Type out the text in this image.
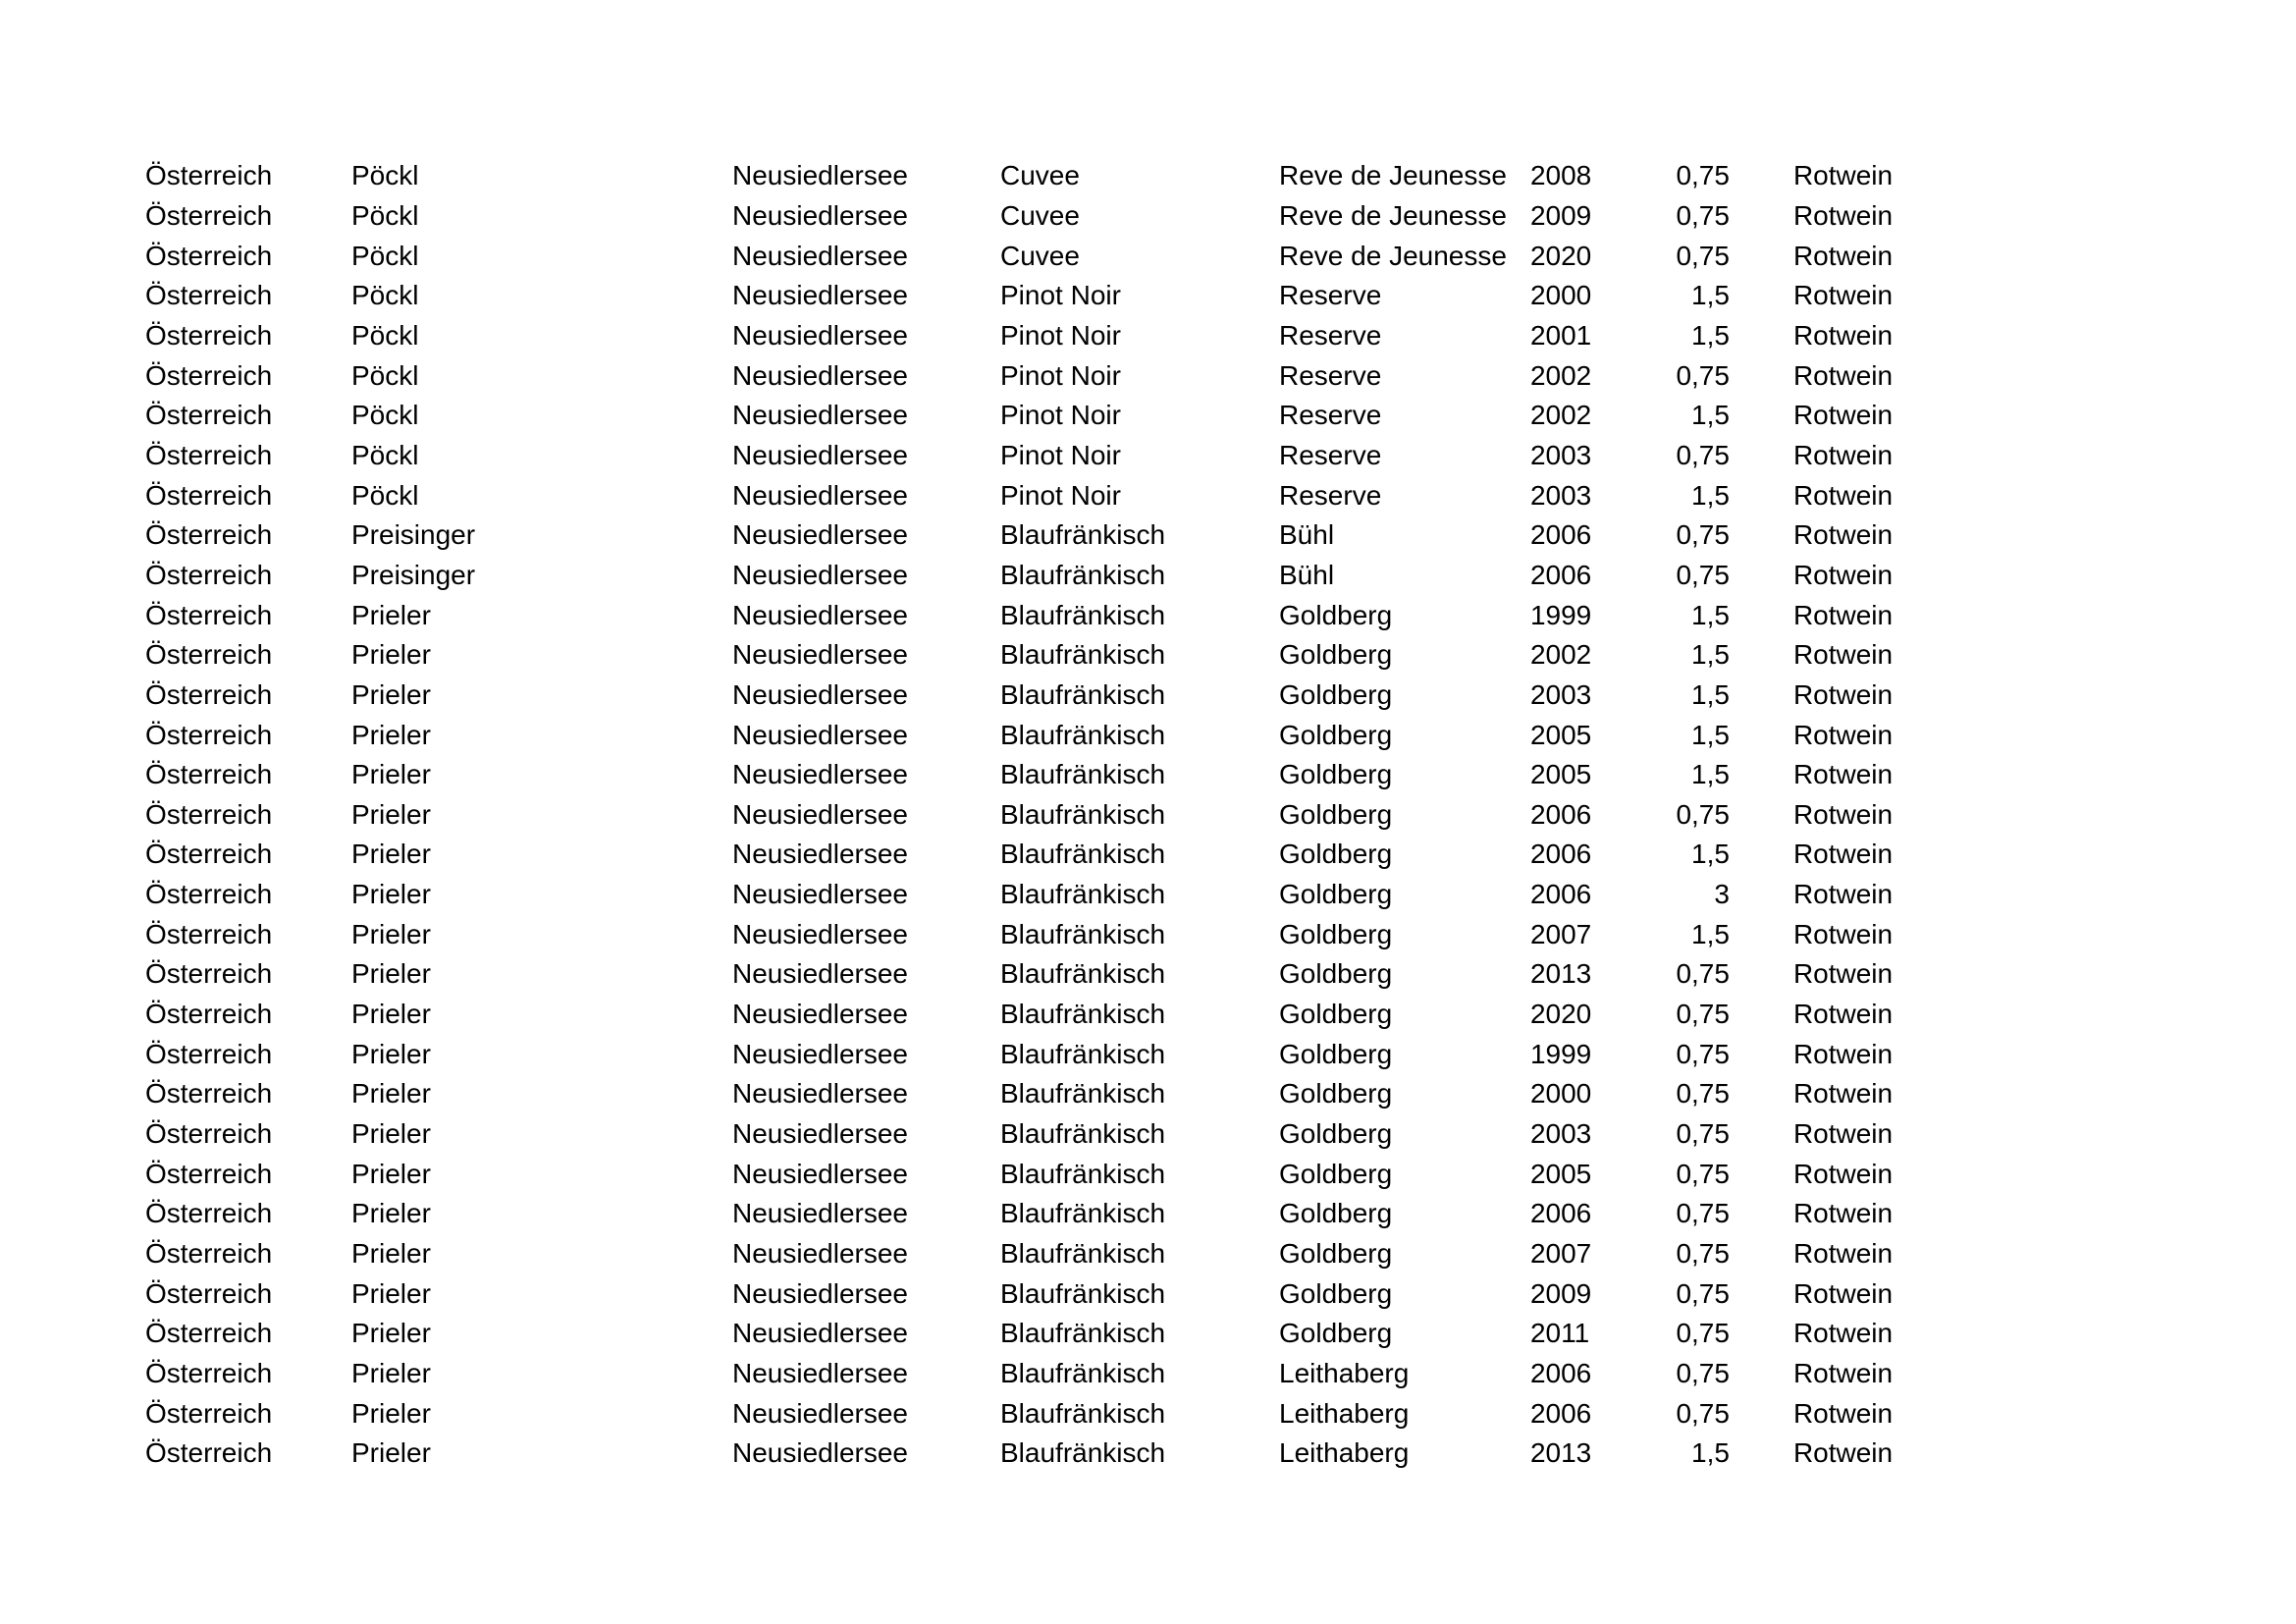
Österreich	Pöckl	Neusiedlersee	Cuvee	Reve de Jeunesse	2008	0,75		Rotwein
Österreich	Pöckl	Neusiedlersee	Cuvee	Reve de Jeunesse	2009	0,75		Rotwein
Österreich	Pöckl	Neusiedlersee	Cuvee	Reve de Jeunesse	2020	0,75		Rotwein
Österreich	Pöckl	Neusiedlersee	Pinot Noir	Reserve	2000	1,5		Rotwein
Österreich	Pöckl	Neusiedlersee	Pinot Noir	Reserve	2001	1,5		Rotwein
Österreich	Pöckl	Neusiedlersee	Pinot Noir	Reserve	2002	0,75		Rotwein
Österreich	Pöckl	Neusiedlersee	Pinot Noir	Reserve	2002	1,5		Rotwein
Österreich	Pöckl	Neusiedlersee	Pinot Noir	Reserve	2003	0,75		Rotwein
Österreich	Pöckl	Neusiedlersee	Pinot Noir	Reserve	2003	1,5		Rotwein
Österreich	Preisinger	Neusiedlersee	Blaufränkisch	Bühl	2006	0,75		Rotwein
Österreich	Preisinger	Neusiedlersee	Blaufränkisch	Bühl	2006	0,75		Rotwein
Österreich	Prieler	Neusiedlersee	Blaufränkisch	Goldberg	1999	1,5		Rotwein
Österreich	Prieler	Neusiedlersee	Blaufränkisch	Goldberg	2002	1,5		Rotwein
Österreich	Prieler	Neusiedlersee	Blaufränkisch	Goldberg	2003	1,5		Rotwein
Österreich	Prieler	Neusiedlersee	Blaufränkisch	Goldberg	2005	1,5		Rotwein
Österreich	Prieler	Neusiedlersee	Blaufränkisch	Goldberg	2005	1,5		Rotwein
Österreich	Prieler	Neusiedlersee	Blaufränkisch	Goldberg	2006	0,75		Rotwein
Österreich	Prieler	Neusiedlersee	Blaufränkisch	Goldberg	2006	1,5		Rotwein
Österreich	Prieler	Neusiedlersee	Blaufränkisch	Goldberg	2006	3		Rotwein
Österreich	Prieler	Neusiedlersee	Blaufränkisch	Goldberg	2007	1,5		Rotwein
Österreich	Prieler	Neusiedlersee	Blaufränkisch	Goldberg	2013	0,75		Rotwein
Österreich	Prieler	Neusiedlersee	Blaufränkisch	Goldberg	2020	0,75		Rotwein
Österreich	Prieler	Neusiedlersee	Blaufränkisch	Goldberg	1999	0,75		Rotwein
Österreich	Prieler	Neusiedlersee	Blaufränkisch	Goldberg	2000	0,75		Rotwein
Österreich	Prieler	Neusiedlersee	Blaufränkisch	Goldberg	2003	0,75		Rotwein
Österreich	Prieler	Neusiedlersee	Blaufränkisch	Goldberg	2005	0,75		Rotwein
Österreich	Prieler	Neusiedlersee	Blaufränkisch	Goldberg	2006	0,75		Rotwein
Österreich	Prieler	Neusiedlersee	Blaufränkisch	Goldberg	2007	0,75		Rotwein
Österreich	Prieler	Neusiedlersee	Blaufränkisch	Goldberg	2009	0,75		Rotwein
Österreich	Prieler	Neusiedlersee	Blaufränkisch	Goldberg	2011	0,75		Rotwein
Österreich	Prieler	Neusiedlersee	Blaufränkisch	Leithaberg	2006	0,75		Rotwein
Österreich	Prieler	Neusiedlersee	Blaufränkisch	Leithaberg	2006	0,75		Rotwein
Österreich	Prieler	Neusiedlersee	Blaufränkisch	Leithaberg	2013	1,5		Rotwein
